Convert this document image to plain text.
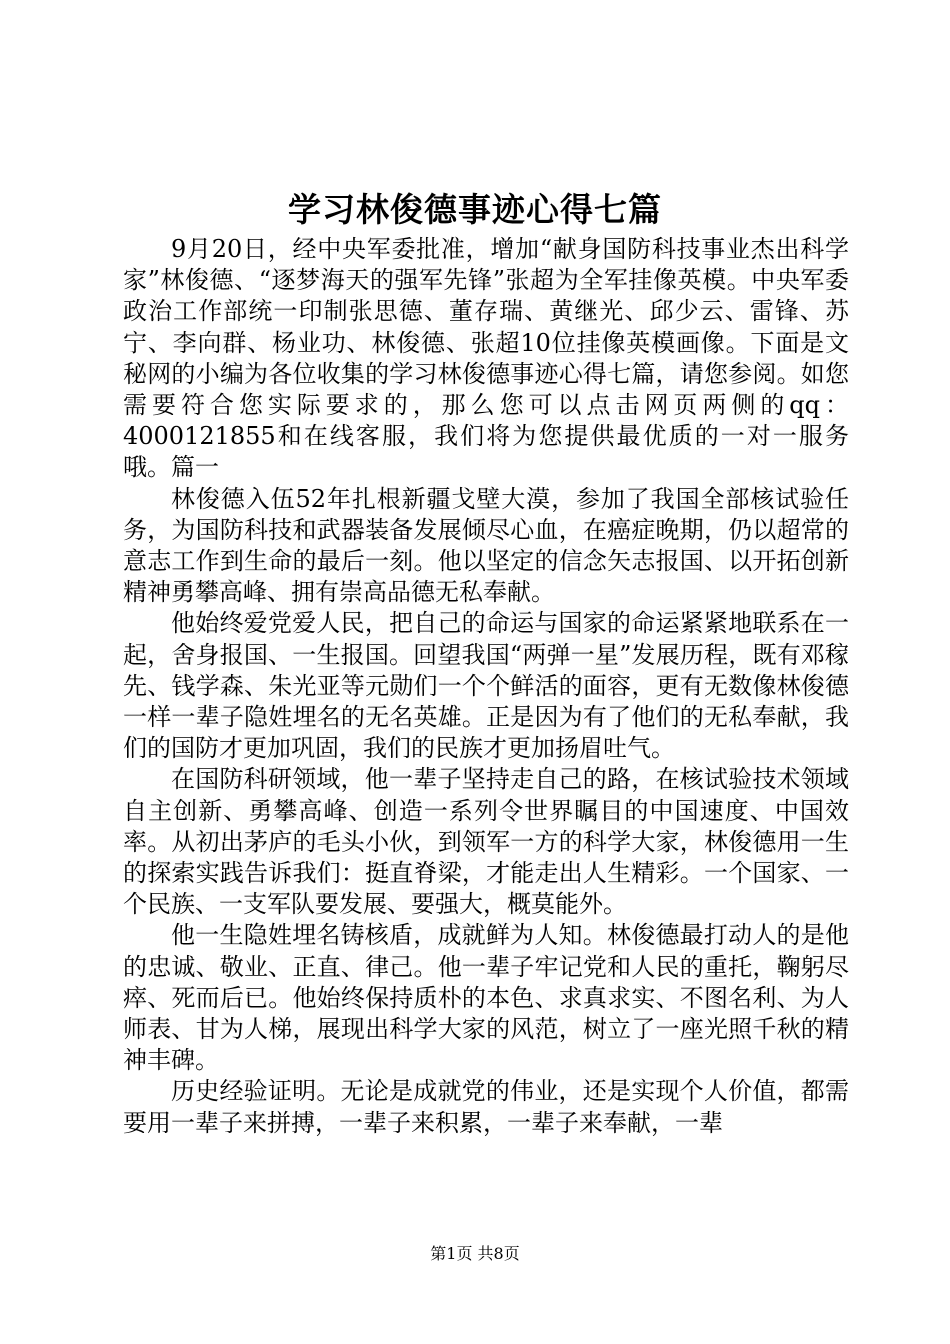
学习林俊德事迹心得七篇

9月20日，经中央军委批准，增加“献身国防科技事业杰出科学家”林俊德、“逐梦海天的强军先锋”张超为全军挂像英模。中央军委政治工作部统一印制张思德、董存瑞、黄继光、邱少云、雷锋、苏宁、李向群、杨业功、林俊德、张超10位挂像英模画像。下面是文秘网的小编为各位收集的学习林俊德事迹心得七篇，请您参阅。如您需要符合您实际要求的，那么您可以点击网页两侧的qq：4000121855和在线客服，我们将为您提供最优质的一对一服务哦。篇一

林俊德入伍52年扎根新疆戈壁大漠，参加了我国全部核试验任务，为国防科技和武器装备发展倾尽心血，在癌症晚期，仍以超常的意志工作到生命的最后一刻。他以坚定的信念矢志报国、以开拓创新精神勇攀高峰、拥有崇高品德无私奉献。

他始终爱党爱人民，把自己的命运与国家的命运紧紧地联系在一起，舍身报国、一生报国。回望我国“两弹一星”发展历程，既有邓稼先、钱学森、朱光亚等元勋们一个个鲜活的面容，更有无数像林俊德一样一辈子隐姓埋名的无名英雄。正是因为有了他们的无私奉献，我们的国防才更加巩固，我们的民族才更加扬眉吐气。

在国防科研领域，他一辈子坚持走自己的路，在核试验技术领域自主创新、勇攀高峰、创造一系列令世界瞩目的中国速度、中国效率。从初出茅庐的毛头小伙，到领军一方的科学大家，林俊德用一生的探索实践告诉我们：挺直脊梁，才能走出人生精彩。一个国家、一个民族、一支军队要发展、要强大，概莫能外。

他一生隐姓埋名铸核盾，成就鲜为人知。林俊德最打动人的是他的忠诚、敬业、正直、律己。他一辈子牢记党和人民的重托，鞠躬尽瘁、死而后已。他始终保持质朴的本色、求真求实、不图名利、为人师表、甘为人梯，展现出科学大家的风范，树立了一座光照千秋的精神丰碑。

历史经验证明。无论是成就党的伟业，还是实现个人价值，都需要用一辈子来拼搏，一辈子来积累，一辈子来奉献，一辈

第1页 共8页
